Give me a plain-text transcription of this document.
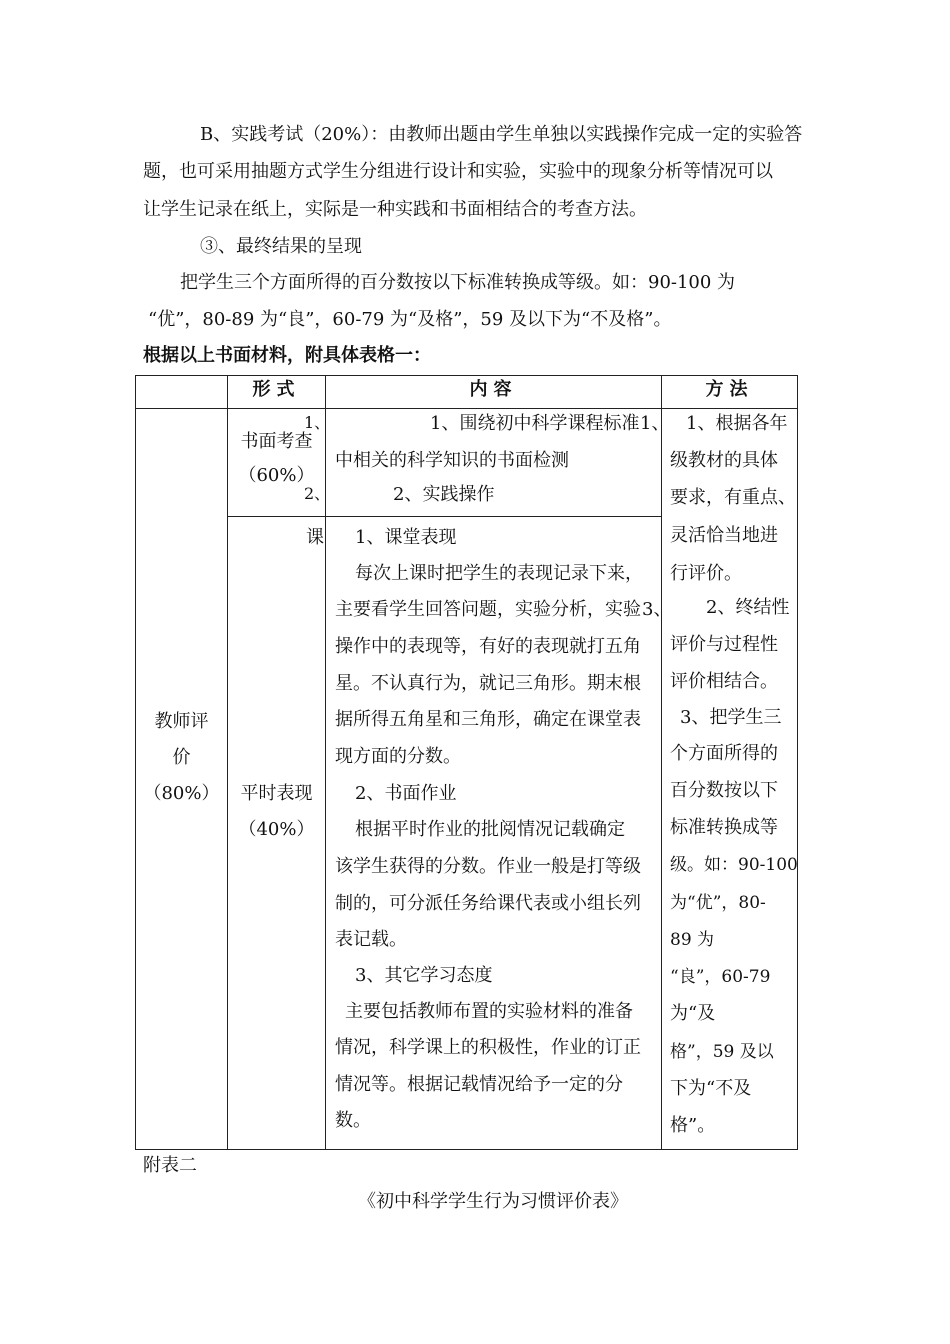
B、实践考试（20%）：由教师出题由学生单独以实践操作完成一定的实验答
题，也可采用抽题方式学生分组进行设计和实验，实验中的现象分析等情况可以
让学生记录在纸上，实际是一种实践和书面相结合的考查方法。
③、最终结果的呈现
把学生三个方面所得的百分数按以下标准转换成等级。如：90-100 为
“优”，80-89 为“良”，60-79 为“及格”，59 及以下为“不及格”。
根据以上书面材料，附具体表格一：
形式	内容	方法
教师评
价
（80%）
1、
书面考查
（60%）
2、
1、围绕初中科学课程标准 1、
中相关的科学知识的书面检测
2、实践操作
课
平时表现
（40%）
3、
1、课堂表现
每次上课时把学生的表现记录下来，
主要看学生回答问题，实验分析，实验
操作中的表现等，有好的表现就打五角
星。不认真行为，就记三角形。期末根
据所得五角星和三角形，确定在课堂表
现方面的分数。
2、书面作业
根据平时作业的批阅情况记载确定
该学生获得的分数。作业一般是打等级
制的，可分派任务给课代表或小组长列
表记载。
3、其它学习态度
主要包括教师布置的实验材料的准备
情况，科学课上的积极性，作业的订正
情况等。根据记载情况给予一定的分
数。
1、根据各年
级教材的具体
要求，有重点、
灵活恰当地进
行评价。
2、终结性
评价与过程性
评价相结合。
3、把学生三
个方面所得的
百分数按以下
标准转换成等
级。如：90-100
为“优”，80-
89 为
“良”，60-79
为“及
格”，59 及以
下为“不及
格”。
附表二
《初中科学学生行为习惯评价表》
